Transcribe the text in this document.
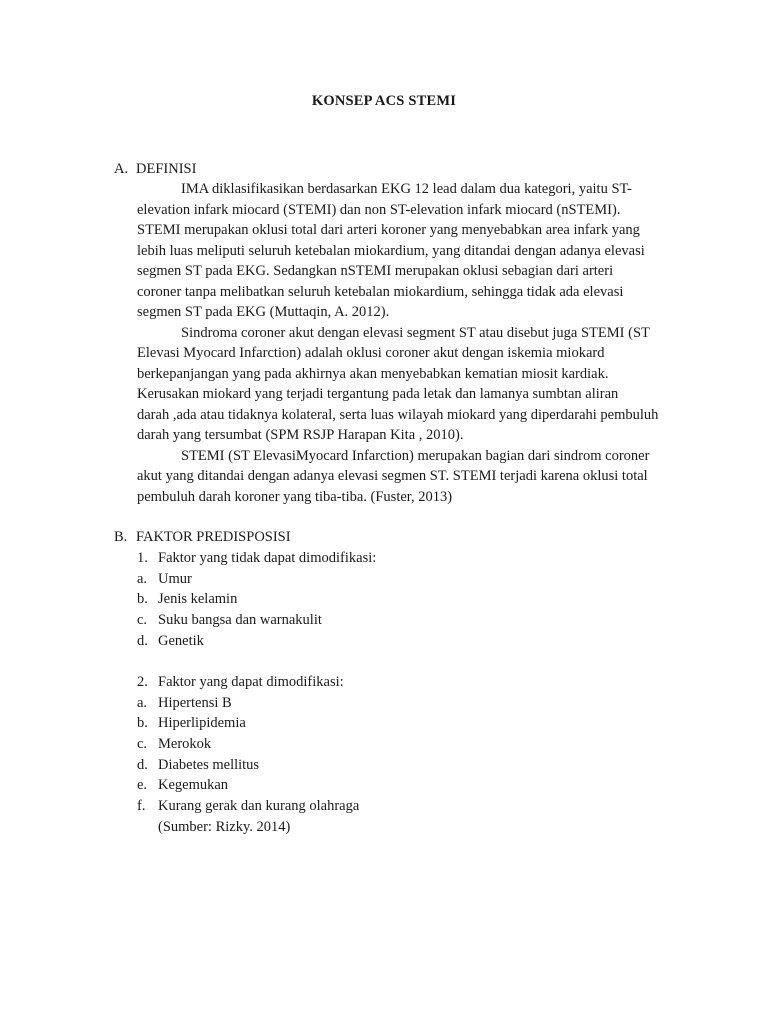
KONSEP ACS STEMI
A. DEFINISI
IMA diklasifikasikan berdasarkan EKG 12 lead dalam dua kategori, yaitu ST-
elevation infark miocard (STEMI) dan non ST-elevation infark miocard (nSTEMI).
STEMI merupakan oklusi total dari arteri koroner yang menyebabkan area infark yang
lebih luas meliputi seluruh ketebalan miokardium, yang ditandai dengan adanya elevasi
segmen ST pada EKG. Sedangkan nSTEMI merupakan oklusi sebagian dari arteri
coroner tanpa melibatkan seluruh ketebalan miokardium, sehingga tidak ada elevasi
segmen ST pada EKG (Muttaqin, A. 2012).
Sindroma coroner akut dengan elevasi segment ST atau disebut juga STEMI (ST
Elevasi Myocard Infarction) adalah oklusi coroner akut dengan iskemia miokard
berkepanjangan yang pada akhirnya akan menyebabkan kematian miosit kardiak.
Kerusakan miokard yang terjadi tergantung pada letak dan lamanya sumbtan aliran
darah ,ada atau tidaknya kolateral, serta luas wilayah miokard yang diperdarahi pembuluh
darah yang tersumbat (SPM RSJP Harapan Kita , 2010).
STEMI (ST ElevasiMyocard Infarction) merupakan bagian dari sindrom coroner
akut yang ditandai dengan adanya elevasi segmen ST. STEMI terjadi karena oklusi total
pembuluh darah koroner yang tiba-tiba. (Fuster, 2013)
B. FAKTOR PREDISPOSISI
1. Faktor yang tidak dapat dimodifikasi:
a. Umur
b. Jenis kelamin
c. Suku bangsa dan warnakulit
d. Genetik
2. Faktor yang dapat dimodifikasi:
a. Hipertensi B
b. Hiperlipidemia
c. Merokok
d. Diabetes mellitus
e. Kegemukan
f. Kurang gerak dan kurang olahraga
(Sumber: Rizky. 2014)
